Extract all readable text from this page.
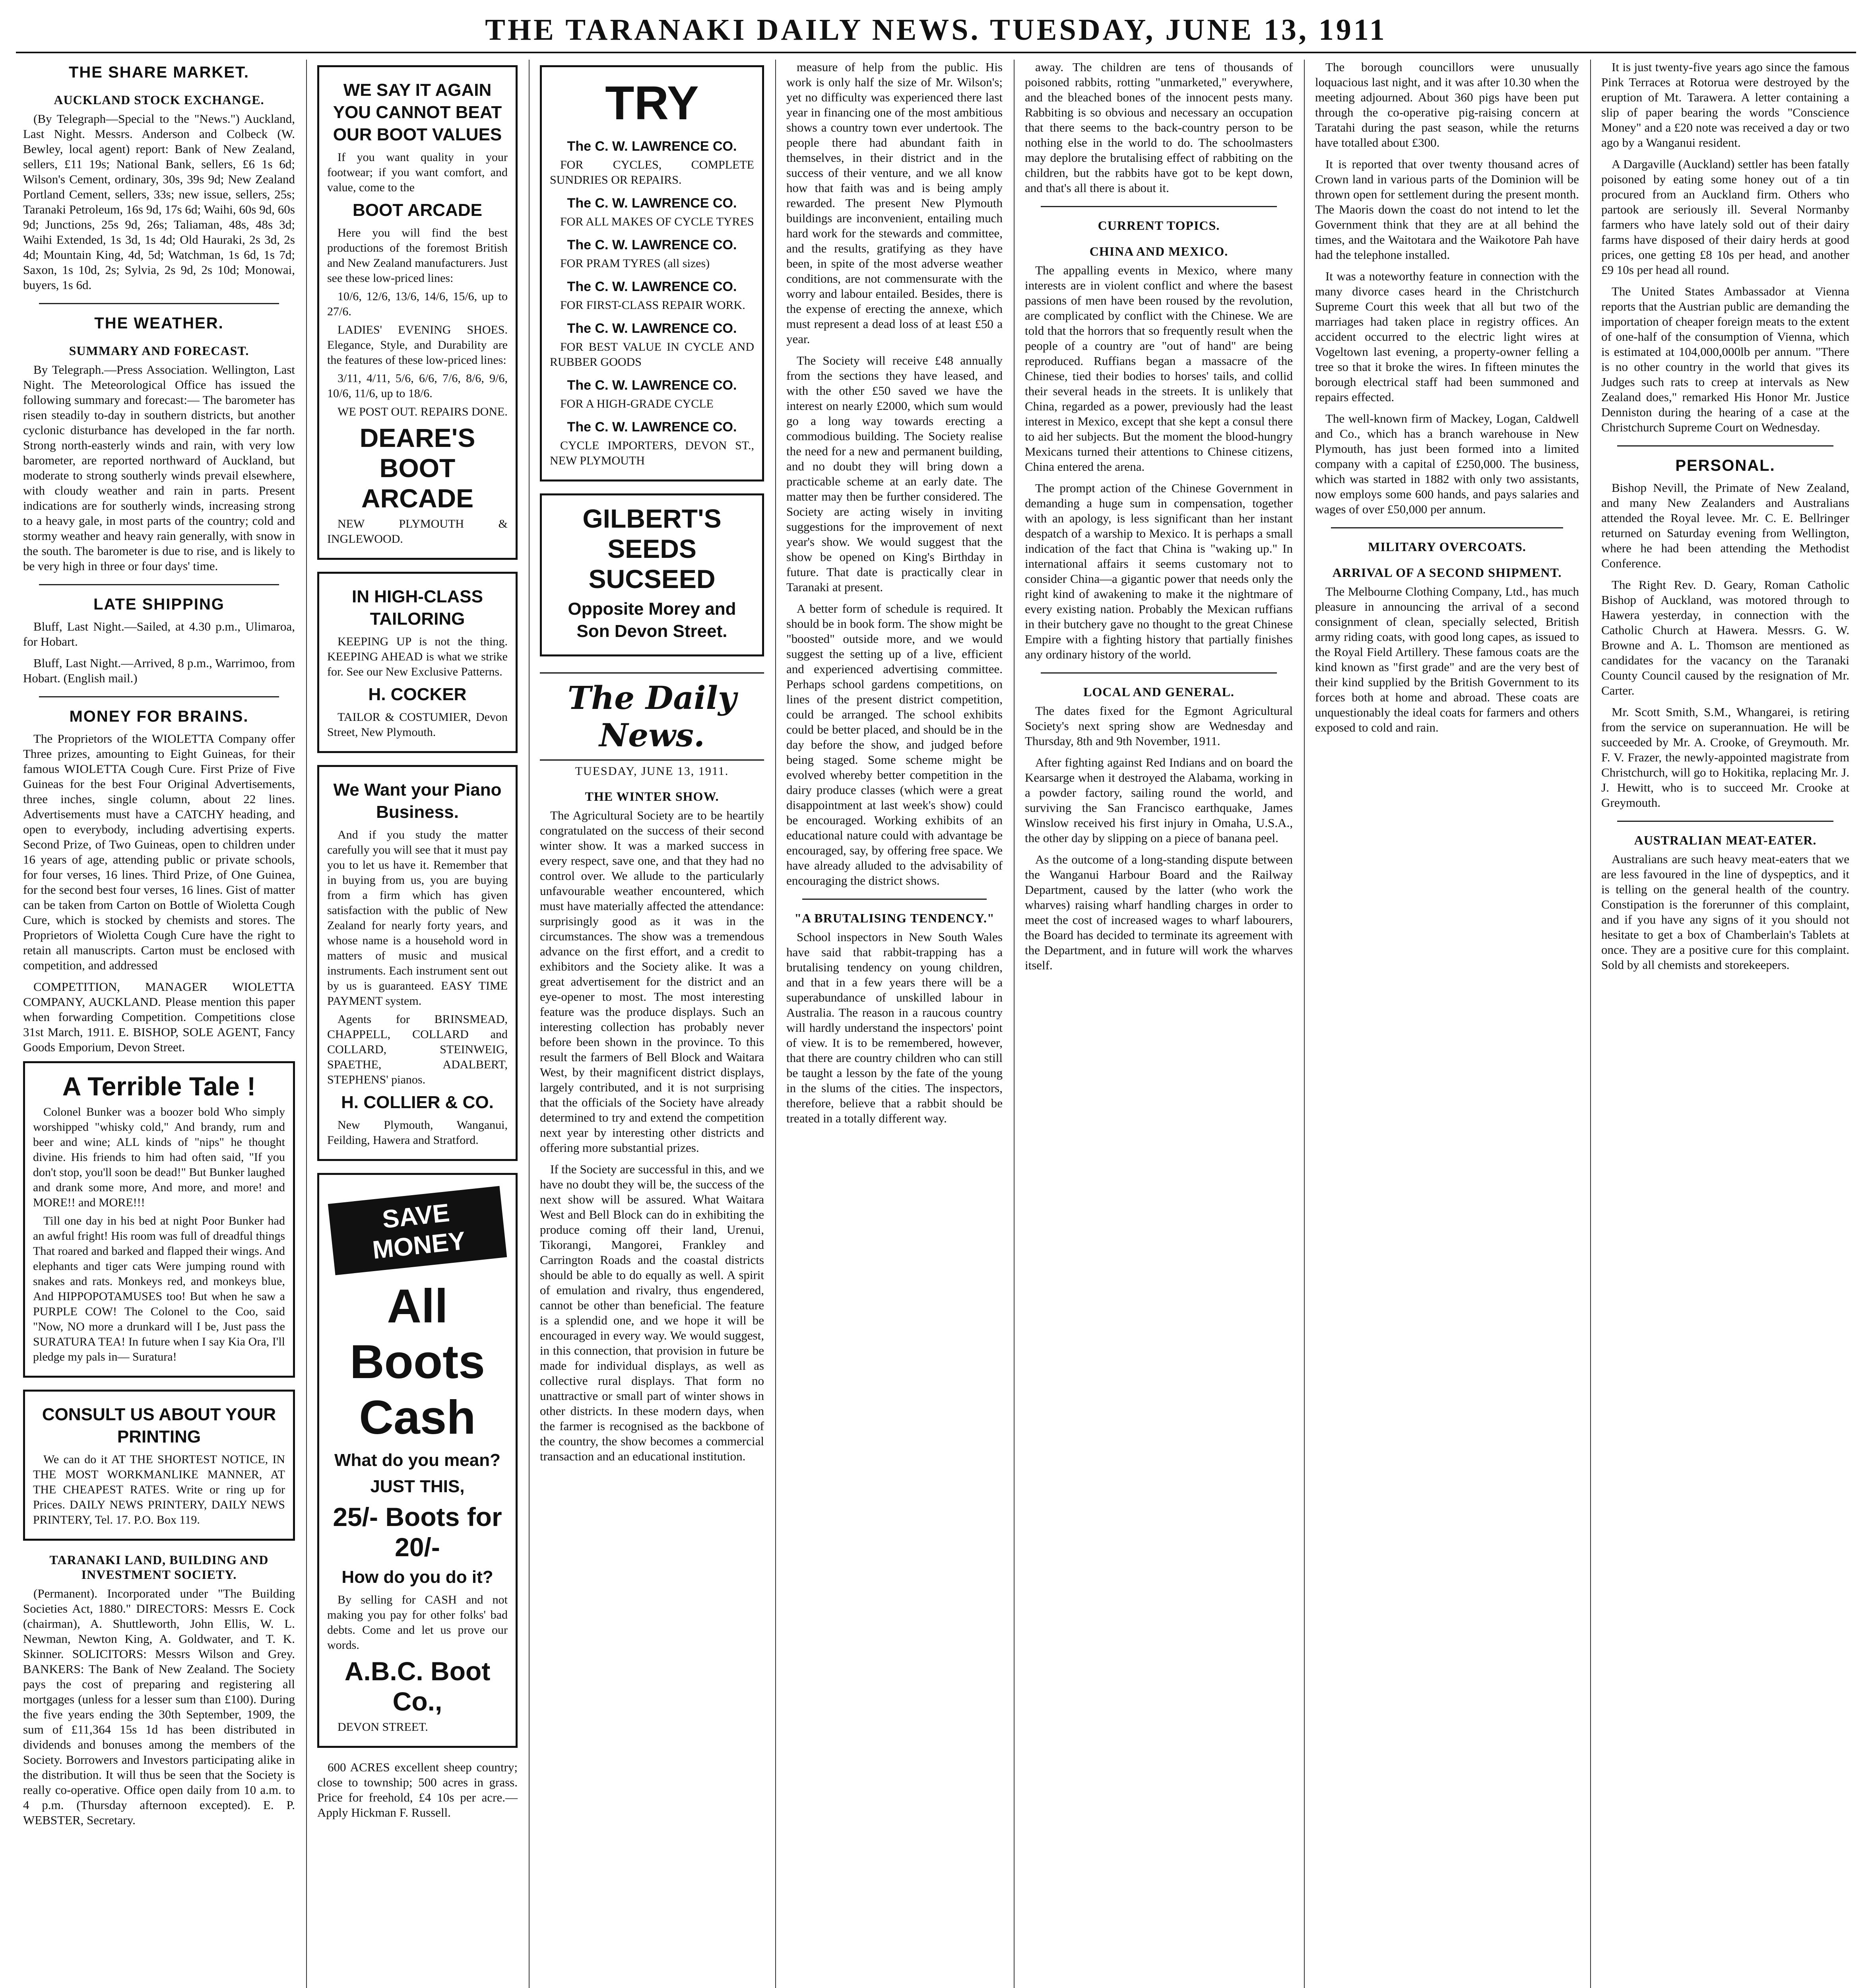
THE TARANAKI DAILY NEWS. TUESDAY, JUNE 13, 1911
THE SHARE MARKET.
AUCKLAND STOCK EXCHANGE.

(By Telegraph—Special to the "News.") Auckland, Last Night. Messrs. Anderson and Colbeck (W. Bewley, local agent) report: Bank of New Zealand, sellers, £11 19s; National Bank, sellers, £6 1s 6d; Wilson's Cement, ordinary, 30s, 39s 9d; New Zealand Portland Cement, sellers, 33s; new issue, sellers, 25s; Taranaki Petroleum, 16s 9d, 17s 6d; Waihi, 60s 9d, 60s 9d; Junctions, 25s 9d, 26s; Taliaman, 48s, 48s 3d; Waihi Extended, 1s 3d, 1s 4d; Old Hauraki, 2s 3d, 2s 4d; Mountain King, 4d, 5d; Watchman, 1s 6d, 1s 7d; Saxon, 1s 10d, 2s; Sylvia, 2s 9d, 2s 10d; Monowai, buyers, 1s 6d.

THE WEATHER.
SUMMARY AND FORECAST.

By Telegraph.—Press Association. Wellington, Last Night. The Meteorological Office has issued the following summary and forecast:— The barometer has risen steadily to-day in southern districts, but another cyclonic disturbance has developed in the far north. Strong north-easterly winds and rain, with very low barometer, are reported northward of Auckland, but moderate to strong southerly winds prevail elsewhere, with cloudy weather and rain in parts. Present indications are for southerly winds, increasing strong to a heavy gale, in most parts of the country; cold and stormy weather and heavy rain generally, with snow in the south. The barometer is due to rise, and is likely to be very high in three or four days' time.

LATE SHIPPING

Bluff, Last Night.—Sailed, at 4.30 p.m., Ulimaroa, for Hobart.

Bluff, Last Night.—Arrived, 8 p.m., Warrimoo, from Hobart. (English mail.)

MONEY FOR BRAINS.

The Proprietors of the WIOLETTA Company offer Three prizes, amounting to Eight Guineas, for their famous WIOLETTA Cough Cure. First Prize of Five Guineas for the best Four Original Advertisements, three inches, single column, about 22 lines. Advertisements must have a CATCHY heading, and open to everybody, including advertising experts. Second Prize, of Two Guineas, open to children under 16 years of age, attending public or private schools, for four verses, 16 lines. Third Prize, of One Guinea, for the second best four verses, 16 lines. Gist of matter can be taken from Carton on Bottle of Wioletta Cough Cure, which is stocked by chemists and stores. The Proprietors of Wioletta Cough Cure have the right to retain all manuscripts. Carton must be enclosed with competition, and addressed

COMPETITION, MANAGER WIOLETTA COMPANY, AUCKLAND. Please mention this paper when forwarding Competition. Competitions close 31st March, 1911. E. BISHOP, SOLE AGENT, Fancy Goods Emporium, Devon Street.

A Terrible Tale !

Colonel Bunker was a boozer bold Who simply worshipped "whisky cold," And brandy, rum and beer and wine; ALL kinds of "nips" he thought divine. His friends to him had often said, "If you don't stop, you'll soon be dead!" But Bunker laughed and drank some more, And more, and more! and MORE!! and MORE!!!

Till one day in his bed at night Poor Bunker had an awful fright! His room was full of dreadful things That roared and barked and flapped their wings. And elephants and tiger cats Were jumping round with snakes and rats. Monkeys red, and monkeys blue, And HIPPOPOTAMUSES too! But when he saw a PURPLE COW! The Colonel to the Coo, said "Now, NO more a drunkard will I be, Just pass the SURATURA TEA! In future when I say Kia Ora, I'll pledge my pals in— Suratura!

CONSULT US ABOUT YOUR PRINTING

We can do it AT THE SHORTEST NOTICE, IN THE MOST WORKMANLIKE MANNER, AT THE CHEAPEST RATES. Write or ring up for Prices. DAILY NEWS PRINTERY, DAILY NEWS PRINTERY, Tel. 17. P.O. Box 119.

TARANAKI LAND, BUILDING AND INVESTMENT SOCIETY.

(Permanent). Incorporated under "The Building Societies Act, 1880." DIRECTORS: Messrs E. Cock (chairman), A. Shuttleworth, John Ellis, W. L. Newman, Newton King, A. Goldwater, and T. K. Skinner. SOLICITORS: Messrs Wilson and Grey. BANKERS: The Bank of New Zealand. The Society pays the cost of preparing and registering all mortgages (unless for a lesser sum than £100). During the five years ending the 30th September, 1909, the sum of £11,364 15s 1d has been distributed in dividends and bonuses among the members of the Society. Borrowers and Investors participating alike in the distribution. It will thus be seen that the Society is really co-operative. Office open daily from 10 a.m. to 4 p.m. (Thursday afternoon excepted). E. P. WEBSTER, Secretary.

WE SAY IT AGAIN YOU CANNOT BEAT OUR BOOT VALUES

If you want quality in your footwear; if you want comfort, and value, come to the

BOOT ARCADE

Here you will find the best productions of the foremost British and New Zealand manufacturers. Just see these low-priced lines:

10/6, 12/6, 13/6, 14/6, 15/6, up to 27/6.

LADIES' EVENING SHOES. Elegance, Style, and Durability are the features of these low-priced lines:

3/11, 4/11, 5/6, 6/6, 7/6, 8/6, 9/6, 10/6, 11/6, up to 18/6.

WE POST OUT. REPAIRS DONE.

DEARE'S BOOT ARCADE

NEW PLYMOUTH & INGLEWOOD.

IN HIGH-CLASS TAILORING

KEEPING UP is not the thing. KEEPING AHEAD is what we strike for. See our New Exclusive Patterns.

H. COCKER

TAILOR & COSTUMIER, Devon Street, New Plymouth.

We Want your Piano Business.

And if you study the matter carefully you will see that it must pay you to let us have it. Remember that in buying from us, you are buying from a firm which has given satisfaction with the public of New Zealand for nearly forty years, and whose name is a household word in matters of music and musical instruments. Each instrument sent out by us is guaranteed. EASY TIME PAYMENT system.

Agents for BRINSMEAD, CHAPPELL, COLLARD and COLLARD, STEINWEIG, SPAETHE, ADALBERT, STEPHENS' pianos.

H. COLLIER & CO.

New Plymouth, Wanganui, Feilding, Hawera and Stratford.

SAVE MONEY
All
Boots
Cash
What do you mean?
JUST THIS,
25/- Boots for 20/-
How do you do it?

By selling for CASH and not making you pay for other folks' bad debts. Come and let us prove our words.

A.B.C. Boot Co.,

DEVON STREET.

600 ACRES excellent sheep country; close to township; 500 acres in grass. Price for freehold, £4 10s per acre.—Apply Hickman F. Russell.

TRY
The C. W. LAWRENCE CO.

FOR CYCLES, COMPLETE SUNDRIES OR REPAIRS.

The C. W. LAWRENCE CO.

FOR ALL MAKES OF CYCLE TYRES

The C. W. LAWRENCE CO.

FOR PRAM TYRES (all sizes)

The C. W. LAWRENCE CO.

FOR FIRST-CLASS REPAIR WORK.

The C. W. LAWRENCE CO.

FOR BEST VALUE IN CYCLE AND RUBBER GOODS

The C. W. LAWRENCE CO.

FOR A HIGH-GRADE CYCLE

The C. W. LAWRENCE CO.

CYCLE IMPORTERS, DEVON ST., NEW PLYMOUTH

GILBERT'S SEEDS SUCSEED
Opposite Morey and Son Devon Street.
The Daily News.
TUESDAY, JUNE 13, 1911.
THE WINTER SHOW.

The Agricultural Society are to be heartily congratulated on the success of their second winter show. It was a marked success in every respect, save one, and that they had no control over. We allude to the particularly unfavourable weather encountered, which must have materially affected the attendance: surprisingly good as it was in the circumstances. The show was a tremendous advance on the first effort, and a credit to exhibitors and the Society alike. It was a great advertisement for the district and an eye-opener to most. The most interesting feature was the produce displays. Such an interesting collection has probably never before been shown in the province. To this result the farmers of Bell Block and Waitara West, by their magnificent district displays, largely contributed, and it is not surprising that the officials of the Society have already determined to try and extend the competition next year by interesting other districts and offering more substantial prizes.

If the Society are successful in this, and we have no doubt they will be, the success of the next show will be assured. What Waitara West and Bell Block can do in exhibiting the produce coming off their land, Urenui, Tikorangi, Mangorei, Frankley and Carrington Roads and the coastal districts should be able to do equally as well. A spirit of emulation and rivalry, thus engendered, cannot be other than beneficial. The feature is a splendid one, and we hope it will be encouraged in every way. We would suggest, in this connection, that provision in future be made for individual displays, as well as collective rural displays. That form no unattractive or small part of winter shows in other districts. In these modern days, when the farmer is recognised as the backbone of the country, the show becomes a commercial transaction and an educational institution.

measure of help from the public. His work is only half the size of Mr. Wilson's; yet no difficulty was experienced there last year in financing one of the most ambitious shows a country town ever undertook. The people there had abundant faith in themselves, in their district and in the success of their venture, and we all know how that faith was and is being amply rewarded. The present New Plymouth buildings are inconvenient, entailing much hard work for the stewards and committee, and the results, gratifying as they have been, in spite of the most adverse weather conditions, are not commensurate with the worry and labour entailed. Besides, there is the expense of erecting the annexe, which must represent a dead loss of at least £50 a year.

The Society will receive £48 annually from the sections they have leased, and with the other £50 saved we have the interest on nearly £2000, which sum would go a long way towards erecting a commodious building. The Society realise the need for a new and permanent building, and no doubt they will bring down a practicable scheme at an early date. The matter may then be further considered. The Society are acting wisely in inviting suggestions for the improvement of next year's show. We would suggest that the show be opened on King's Birthday in future. That date is practically clear in Taranaki at present.

A better form of schedule is required. It should be in book form. The show might be "boosted" outside more, and we would suggest the setting up of a live, efficient and experienced advertising committee. Perhaps school gardens competitions, on lines of the present district competition, could be arranged. The school exhibits could be better placed, and should be in the day before the show, and judged before being staged. Some scheme might be evolved whereby better competition in the dairy produce classes (which were a great disappointment at last week's show) could be encouraged. Working exhibits of an educational nature could with advantage be encouraged, say, by offering free space. We have already alluded to the advisability of encouraging the district shows.

"A BRUTALISING TENDENCY."

School inspectors in New South Wales have said that rabbit-trapping has a brutalising tendency on young children, and that in a few years there will be a superabundance of unskilled labour in Australia. The reason in a raucous country will hardly understand the inspectors' point of view. It is to be remembered, however, that there are country children who can still be taught a lesson by the fate of the young in the slums of the cities. The inspectors, therefore, believe that a rabbit should be treated in a totally different way.

away. The children are tens of thousands of poisoned rabbits, rotting "unmarketed," everywhere, and the bleached bones of the innocent pests many. Rabbiting is so obvious and necessary an occupation that there seems to the back-country person to be nothing else in the world to do. The schoolmasters may deplore the brutalising effect of rabbiting on the children, but the rabbits have got to be kept down, and that's all there is about it.

CURRENT TOPICS.
CHINA AND MEXICO.

The appalling events in Mexico, where many interests are in violent conflict and where the basest passions of men have been roused by the revolution, are complicated by conflict with the Chinese. We are told that the horrors that so frequently result when the people of a country are "out of hand" are being reproduced. Ruffians began a massacre of the Chinese, tied their bodies to horses' tails, and collid their several heads in the streets. It is unlikely that China, regarded as a power, previously had the least interest in Mexico, except that she kept a consul there to aid her subjects. But the moment the blood-hungry Mexicans turned their attentions to Chinese citizens, China entered the arena.

The prompt action of the Chinese Government in demanding a huge sum in compensation, together with an apology, is less significant than her instant despatch of a warship to Mexico. It is perhaps a small indication of the fact that China is "waking up." In international affairs it seems customary not to consider China—a gigantic power that needs only the right kind of awakening to make it the nightmare of every existing nation. Probably the Mexican ruffians in their butchery gave no thought to the great Chinese Empire with a fighting history that partially finishes any ordinary history of the world.

LOCAL AND GENERAL.

The dates fixed for the Egmont Agricultural Society's next spring show are Wednesday and Thursday, 8th and 9th November, 1911.

After fighting against Red Indians and on board the Kearsarge when it destroyed the Alabama, working in a powder factory, sailing round the world, and surviving the San Francisco earthquake, James Winslow received his first injury in Omaha, U.S.A., the other day by slipping on a piece of banana peel.

As the outcome of a long-standing dispute between the Wanganui Harbour Board and the Railway Department, caused by the latter (who work the wharves) raising wharf handling charges in order to meet the cost of increased wages to wharf labourers, the Board has decided to terminate its agreement with the Department, and in future will work the wharves itself.

The borough councillors were unusually loquacious last night, and it was after 10.30 when the meeting adjourned. About 360 pigs have been put through the co-operative pig-raising concern at Taratahi during the past season, while the returns have totalled about £300.

It is reported that over twenty thousand acres of Crown land in various parts of the Dominion will be thrown open for settlement during the present month. The Maoris down the coast do not intend to let the Government think that they are at all behind the times, and the Waitotara and the Waikotore Pah have had the telephone installed.

It was a noteworthy feature in connection with the many divorce cases heard in the Christchurch Supreme Court this week that all but two of the marriages had taken place in registry offices. An accident occurred to the electric light wires at Vogeltown last evening, a property-owner felling a tree so that it broke the wires. In fifteen minutes the borough electrical staff had been summoned and repairs effected.

The well-known firm of Mackey, Logan, Caldwell and Co., which has a branch warehouse in New Plymouth, has just been formed into a limited company with a capital of £250,000. The business, which was started in 1882 with only two assistants, now employs some 600 hands, and pays salaries and wages of over £50,000 per annum.

MILITARY OVERCOATS.
ARRIVAL OF A SECOND SHIPMENT.

The Melbourne Clothing Company, Ltd., has much pleasure in announcing the arrival of a second consignment of clean, specially selected, British army riding coats, with good long capes, as issued to the Royal Field Artillery. These famous coats are the kind known as "first grade" and are the very best of their kind supplied by the British Government to its forces both at home and abroad. These coats are unquestionably the ideal coats for farmers and others exposed to cold and rain.

It is just twenty-five years ago since the famous Pink Terraces at Rotorua were destroyed by the eruption of Mt. Tarawera. A letter containing a slip of paper bearing the words "Conscience Money" and a £20 note was received a day or two ago by a Wanganui resident.

A Dargaville (Auckland) settler has been fatally poisoned by eating some honey out of a tin procured from an Auckland firm. Others who partook are seriously ill. Several Normanby farmers who have lately sold out of their dairy farms have disposed of their dairy herds at good prices, one getting £8 10s per head, and another £9 10s per head all round.

The United States Ambassador at Vienna reports that the Austrian public are demanding the importation of cheaper foreign meats to the extent of one-half of the consumption of Vienna, which is estimated at 104,000,000lb per annum. "There is no other country in the world that gives its Judges such rats to creep at intervals as New Zealand does," remarked His Honor Mr. Justice Denniston during the hearing of a case at the Christchurch Supreme Court on Wednesday.

PERSONAL.

Bishop Nevill, the Primate of New Zealand, and many New Zealanders and Australians attended the Royal levee. Mr. C. E. Bellringer returned on Saturday evening from Wellington, where he had been attending the Methodist Conference.

The Right Rev. D. Geary, Roman Catholic Bishop of Auckland, was motored through to Hawera yesterday, in connection with the Catholic Church at Hawera. Messrs. G. W. Browne and A. L. Thomson are mentioned as candidates for the vacancy on the Taranaki County Council caused by the resignation of Mr. Carter.

Mr. Scott Smith, S.M., Whangarei, is retiring from the service on superannuation. He will be succeeded by Mr. A. Crooke, of Greymouth. Mr. F. V. Frazer, the newly-appointed magistrate from Christchurch, will go to Hokitika, replacing Mr. J. J. Hewitt, who is to succeed Mr. Crooke at Greymouth.

AUSTRALIAN MEAT-EATER.

Australians are such heavy meat-eaters that we are less favoured in the line of dyspeptics, and it is telling on the general health of the country. Constipation is the forerunner of this complaint, and if you have any signs of it you should not hesitate to get a box of Chamberlain's Tablets at once. They are a positive cure for this complaint. Sold by all chemists and storekeepers.
